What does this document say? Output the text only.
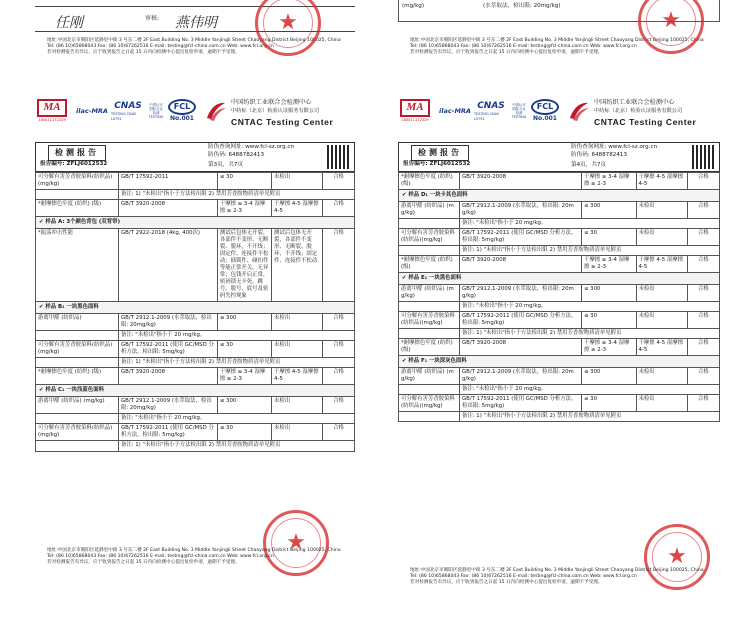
任刚	审核: 燕伟明
地址:中国北京市朝阳区延静里中街 3 号东二楼 2F East Building No. 3 Middle Yanjingli Street Chaoyang District Beijing 100025, China
Tel: (86 10)65868043 Fax: (86 10)67262516 E-mail: testing@fcl-china.com.cn Web: www.fcl.org.cn
若对检测报告有异议，应于收到报告之日起 15 日内向检测中心提出复检申请，逾期不予受理。
★
MA
180011172329
ilac-MRA CNAS
TESTING CNAS L0791
中国认可 国际互认 检测 TESTING
FCL
No.001
中国纺织工业联合会检测中心
中纺标（北京）检验认证服务有限公司
CNTAC Testing Center
检测报告
防伪查询网址: www.fcl-sz.org.cn
防伪码: 6488782413
报告编号: ZFLJ6012532	第3页，共7页
可分解有害芳香胺染料(纺织品)(mg/kg)	GB/T 17592-2011	≤ 30	未检出	合格
	备注: 1) "未检出"指小于方法检出限 2) 禁用芳香胺物质清单见附页			
*耐摩擦色牢度 (纺织) (级)	GB/T 3920-2008	干摩擦 ≥ 3-4 湿摩擦 ≥ 2-3	干摩擦 4-5 湿摩擦 4-5	合格
✔ 样品 A: 3个颜色背包 (双背带)				
*振荡冲击性能	GB/T 2922-2018 (4kg, 400次)	测试后包体无开裂，各部件不变形、无断裂、脱环，不开线；固定件、连接件不松动；插锁件、碰扣件等能正常开关，无异常；包钱开启正常，密码锁无卡死，跳号，脱号，底号及密码失控现象	测试后包体无开裂，各部件不变形、无断裂、脱环，不开线；固定件、连接件不松动	合格
✔ 样品 B₁ 一块黑色面料				
游离甲醛 (纺织品)	GB/T 2912.1-2009 (水萃取法，检出限: 20mg/kg)	≤ 300	未检出	合格
	备注: "未检出"指小于 20 mg/kg。			
可分解有害芳香胺染料(纺织品)(mg/kg)	GB/T 17592-2011 (使用 GC/MSD 分析方法，检出限: 5mg/kg)	≤ 30	未检出	合格
	备注: 1) "未检出"指小于方法检出限 2) 禁用芳香胺物质清单见附页			
*耐摩擦色牢度 (纺织) (级)	GB/T 3920-2008	干摩擦 ≥ 3-4 湿摩擦 ≥ 2-3	干摩擦 4-5 湿摩擦 4-5	合格
✔ 样品 C₁ 一块浅蓝色面料				
游离甲醛 (纺织品) (mg/kg)	GB/T 2912.1-2009 (水萃取法，检出限: 20mg/kg)	≤ 300	未检出	合格
	备注: "未检出"指小于 20 mg/kg。			
可分解有害芳香胺染料(纺织品)(mg/kg)	GB/T 17592-2011 (使用 GC/MSD 分析方法，检出限: 5mg/kg)	≤ 30	未检出	合格
	备注: 1) "未检出"指小于方法检出限 2) 禁用芳香胺物质清单见附页			
★
地址:中国北京市朝阳区延静里中街 3 号东二楼 2F East Building No. 3 Middle Yanjingli Street Chaoyang District Beijing 100025, China
Tel: (86 10)65868043 Fax: (86 10)67262516 E-mail: testing@fcl-china.com.cn Web: www.fcl.org.cn
若对检测报告有异议，应于收到报告之日起 15 日内向检测中心提出复检申请，逾期不予受理。
(mg/kg)	(水萃取法，检出限: 20mg/kg)
地址:中国北京市朝阳区延静里中街 3 号东二楼 2F East Building No. 3 Middle Yanjingli Street Chaoyang District Beijing 100025, China
Tel: (86 10)65868043 Fax: (86 10)67262516 E-mail: testing@fcl-china.com.cn Web: www.fcl.org.cn
若对检测报告有异议，应于收到报告之日起 15 日内向检测中心提出复检申请，逾期不予受理。
★
MA
180011172329
ilac-MRA CNAS
TESTING CNAS L0791
中国认可 国际互认 检测 TESTING
FCL
No.001
中国纺织工业联合会检测中心
中纺标（北京）检验认证服务有限公司
CNTAC Testing Center
检测报告
防伪查询网址: www.fcl-sz.org.cn
防伪码: 6488782413
报告编号: ZFLJ6012532	第4页，共7页
*耐摩擦色牢度 (纺织) (级)	GB/T 3920-2008	干摩擦 ≥ 3-4 湿摩擦 ≥ 2-3	干摩擦 4-5 湿摩擦 4-5	合格
✔ 样品 D₁ 一块卡其色面料				
游离甲醛 (纺织品) (mg/kg)	GB/T 2912.1-2009 (水萃取法，检出限: 20mg/kg)	≤ 300	未检出	合格
	备注: "未检出"指小于 20 mg/kg。			
可分解有害芳香胺染料(纺织品)(mg/kg)	GB/T 17592-2011 (使用 GC/MSD 分析方法，检出限: 5mg/kg)	≤ 30	未检出	合格
	备注: 1) "未检出"指小于方法检出限 2) 禁用芳香胺物质清单见附页			
*耐摩擦色牢度 (纺织) (级)	GB/T 3920-2008	干摩擦 ≥ 3-4 湿摩擦 ≥ 2-3	干摩擦 4-5 湿摩擦 4-5	合格
✔ 样品 E₁ 一块黑色面料				
游离甲醛 (纺织品) (mg/kg)	GB/T 2912.1-2009 (水萃取法，检出限: 20mg/kg)	≤ 300	未检出	合格
	备注: "未检出"指小于 20 mg/kg。			
可分解有害芳香胺染料(纺织品)(mg/kg)	GB/T 17592-2011 (使用 GC/MSD 分析方法，检出限: 5mg/kg)	≤ 30	未检出	合格
	备注: 1) "未检出"指小于方法检出限 2) 禁用芳香胺物质清单见附页			
*耐摩擦色牢度 (纺织) (级)	GB/T 3920-2008	干摩擦 ≥ 3-4 湿摩擦 ≥ 2-3	干摩擦 4-5 湿摩擦 4-5	合格
✔ 样品 F₁ 一块深灰色面料				
游离甲醛 (纺织品) (mg/kg)	GB/T 2912.1-2009 (水萃取法，检出限: 20mg/kg)	≤ 300	未检出	合格
	备注: "未检出"指小于 20 mg/kg。			
可分解有害芳香胺染料(纺织品)(mg/kg)	GB/T 17592-2011 (使用 GC/MSD 分析方法，检出限: 5mg/kg)	≤ 30	未检出	合格
	备注: 1) "未检出"指小于方法检出限 2) 禁用芳香胺物质清单见附页			
★
地址:中国北京市朝阳区延静里中街 3 号东二楼 2F East Building No. 3 Middle Yanjingli Street Chaoyang District Beijing 100025, China
Tel: (86 10)65868043 Fax: (86 10)67262516 E-mail: testing@fcl-china.com.cn Web: www.fcl.org.cn
若对检测报告有异议，应于收到报告之日起 15 日内向检测中心提出复检申请，逾期不予受理。
